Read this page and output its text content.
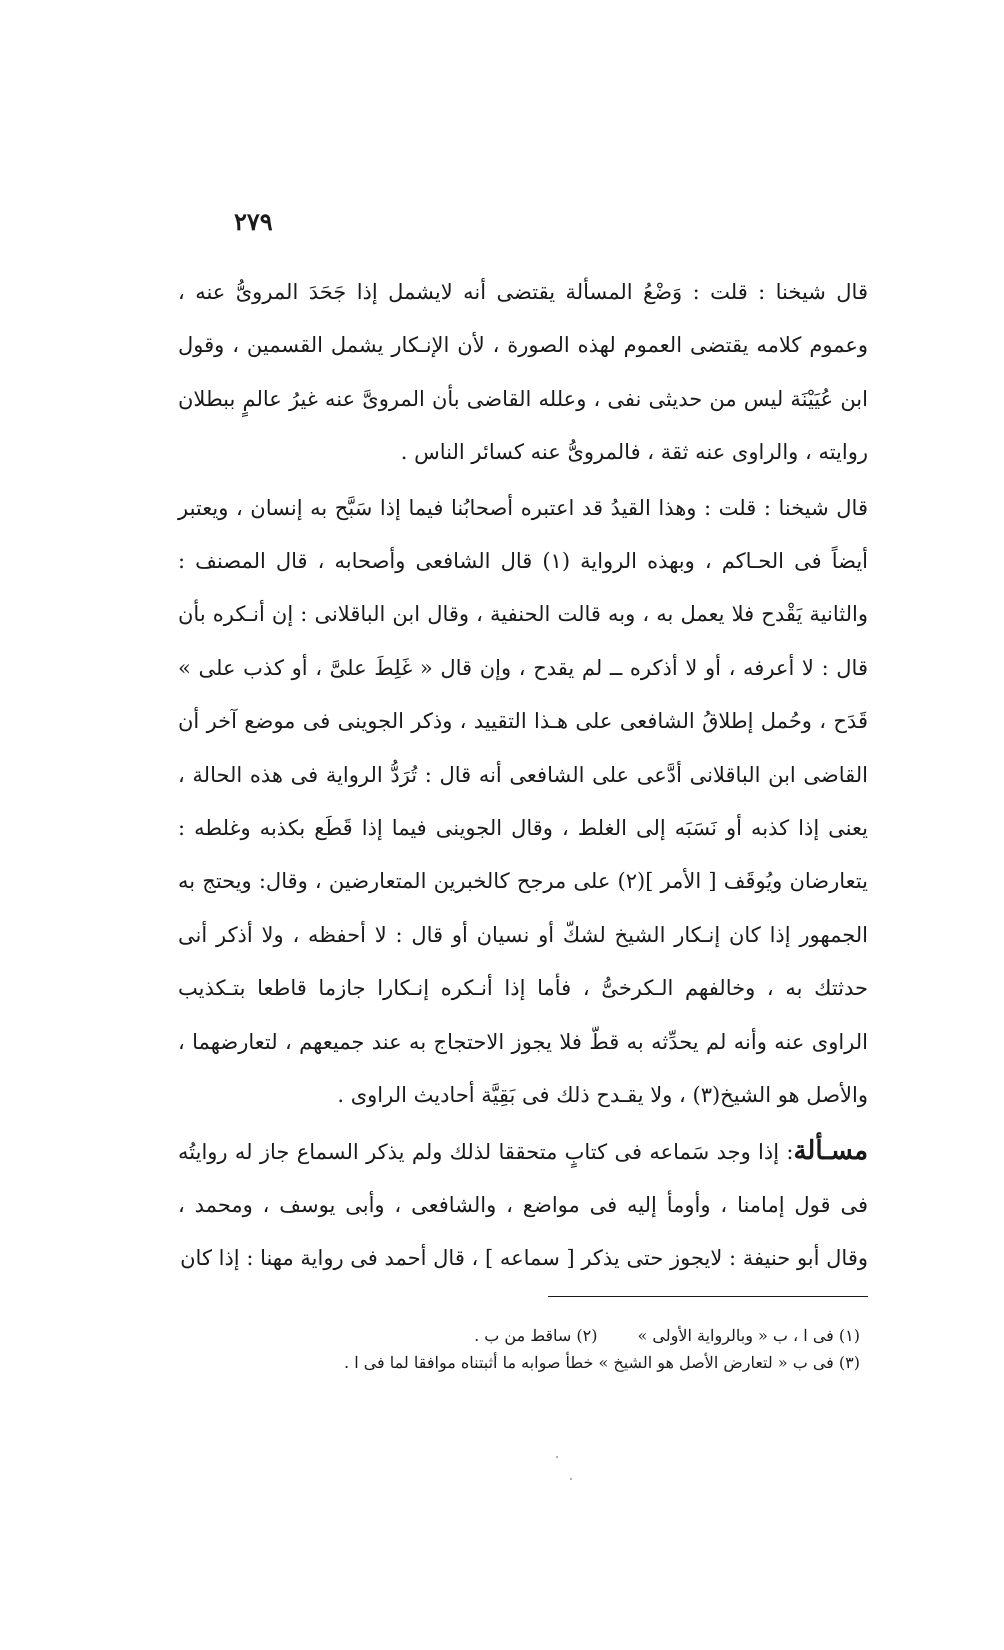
٢٧٩

قال شيخنا : قلت : وَضْعُ المسألة يقتضى أنه لايشمل إذا جَحَدَ المروىُّ عنه ، وعموم كلامه يقتضى العموم لهذه الصورة ، لأن الإنـكار يشمل القسمين ، وقول ابن عُيَيْنَة ليس من حديثى نفى ، وعلله القاضى بأن المروىَّ عنه غيرُ عالمٍ ببطلان روايته ، والراوى عنه ثقة ، فالمروىُّ عنه كسائر الناس .

قال شيخنا : قلت : وهذا القيدُ قد اعتبره أصحابُنا فيما إذا سَبَّح به إنسان ، ويعتبر أيضاً فى الحـاكم ، وبهذه الرواية (١) قال الشافعى وأصحابه ، قال المصنف : والثانية يَقْدح فلا يعمل به ، وبه قالت الحنفية ، وقال ابن الباقلانى : إن أنـكره بأن قال : لا أعرفه ، أو لا أذكره ــ لم يقدح ، وإن قال « غَلِطَ علىَّ ، أو كذب على » قَدَح ، وحُمل إطلاقُ الشافعى على هـذا التقييد ، وذكر الجوينى فى موضع آخر أن القاضى ابن الباقلانى أدَّعى على الشافعى أنه قال : تُرَدُّ الرواية فى هذه الحالة ، يعنى إذا كذبه أو نَسَبَه إلى الغلط ، وقال الجوينى فيما إذا قَطَع بكذبه وغلطه : يتعارضان ويُوقَف [ الأمر ](٢) على مرجح كالخبرين المتعارضين ، وقال: ويحتج به الجمهور إذا كان إنـكار الشيخ لشكّ أو نسيان أو قال : لا أحفظه ، ولا أذكر أنى حدثتك به ، وخالفهم الـكرخىُّ ، فأما إذا أنـكره إنـكارا جازما قاطعا بتـكذيب الراوى عنه وأنه لم يحدِّثه به قطّ فلا يجوز الاحتجاج به عند جميعهم ، لتعارضهما ، والأصل هو الشيخ(٣) ، ولا يقـدح ذلك فى بَقِيَّة أحاديث الراوى .

مسـألة: إذا وجد سَماعه فى كتابٍ متحققا لذلك ولم يذكر السماع جاز له روايتُه فى قول إمامنا ، وأومأ إليه فى مواضع ، والشافعى ، وأبى يوسف ، ومحمد ، وقال أبو حنيفة : لايجوز حتى يذكر [ سماعه ] ، قال أحمد فى رواية مهنا : إذا كان

(١) فى ا ، ب « وبالرواية الأولى »(٢) ساقط من ب .
(٣) فى ب « لتعارض الأصل هو الشيخ » خطأ صوابه ما أثبتناه موافقا لما فى ا .
